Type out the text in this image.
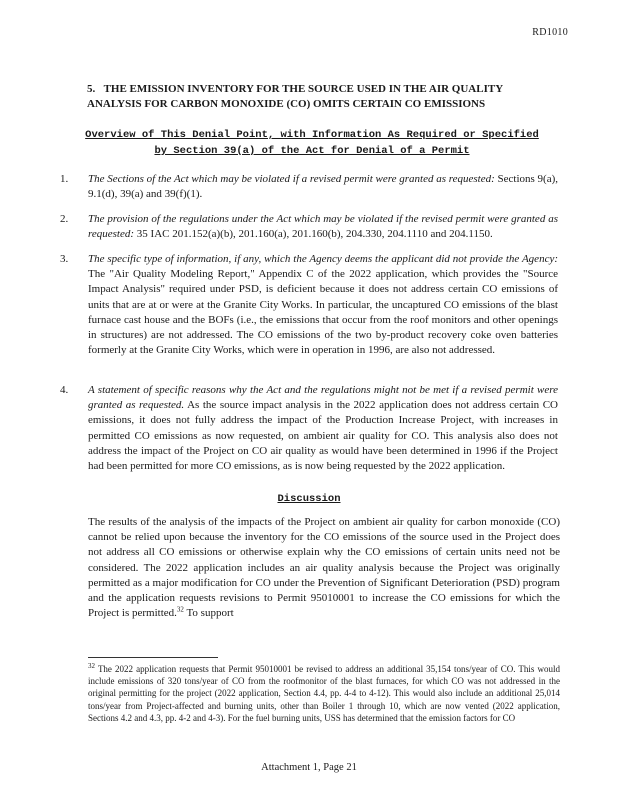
RD1010
5. THE EMISSION INVENTORY FOR THE SOURCE USED IN THE AIR QUALITY ANALYSIS FOR CARBON MONOXIDE (CO) OMITS CERTAIN CO EMISSIONS
Overview of This Denial Point, with Information As Required or Specified by Section 39(a) of the Act for Denial of a Permit
1. The Sections of the Act which may be violated if a revised permit were granted as requested: Sections 9(a), 9.1(d), 39(a) and 39(f)(1).
2. The provision of the regulations under the Act which may be violated if the revised permit were granted as requested: 35 IAC 201.152(a)(b), 201.160(a), 201.160(b), 204.330, 204.1110 and 204.1150.
3. The specific type of information, if any, which the Agency deems the applicant did not provide the Agency: The "Air Quality Modeling Report," Appendix C of the 2022 application, which provides the "Source Impact Analysis" required under PSD, is deficient because it does not address certain CO emissions of units that are at or were at the Granite City Works. In particular, the uncaptured CO emissions of the blast furnace cast house and the BOFs (i.e., the emissions that occur from the roof monitors and other openings in structures) are not addressed. The CO emissions of the two by-product recovery coke oven batteries formerly at the Granite City Works, which were in operation in 1996, are also not addressed.
4. A statement of specific reasons why the Act and the regulations might not be met if a revised permit were granted as requested. As the source impact analysis in the 2022 application does not address certain CO emissions, it does not fully address the impact of the Production Increase Project, with increases in permitted CO emissions as now requested, on ambient air quality for CO. This analysis also does not address the impact of the Project on CO air quality as would have been determined in 1996 if the Project had been permitted for more CO emissions, as is now being requested by the 2022 application.
Discussion
The results of the analysis of the impacts of the Project on ambient air quality for carbon monoxide (CO) cannot be relied upon because the inventory for the CO emissions of the source used in the Project does not address all CO emissions or otherwise explain why the CO emissions of certain units need not be considered. The 2022 application includes an air quality analysis because the Project was originally permitted as a major modification for CO under the Prevention of Significant Deterioration (PSD) program and the application requests revisions to Permit 95010001 to increase the CO emissions for which the Project is permitted.$^{32}$ To support
$^{32}$ The 2022 application requests that Permit 95010001 be revised to address an additional 35,154 tons/year of CO. This would include emissions of 320 tons/year of CO from the roofmonitor of the blast furnaces, for which CO was not addressed in the original permitting for the project (2022 application, Section 4.4, pp. 4-4 to 4-12). This would also include an additional 25,014 tons/year from Project-affected and burning units, other than Boiler 1 through 10, which are now vented (2022 application, Sections 4.2 and 4.3, pp. 4-2 and 4-3). For the fuel burning units, USS has determined that the emission factors for CO
Attachment 1, Page 21
